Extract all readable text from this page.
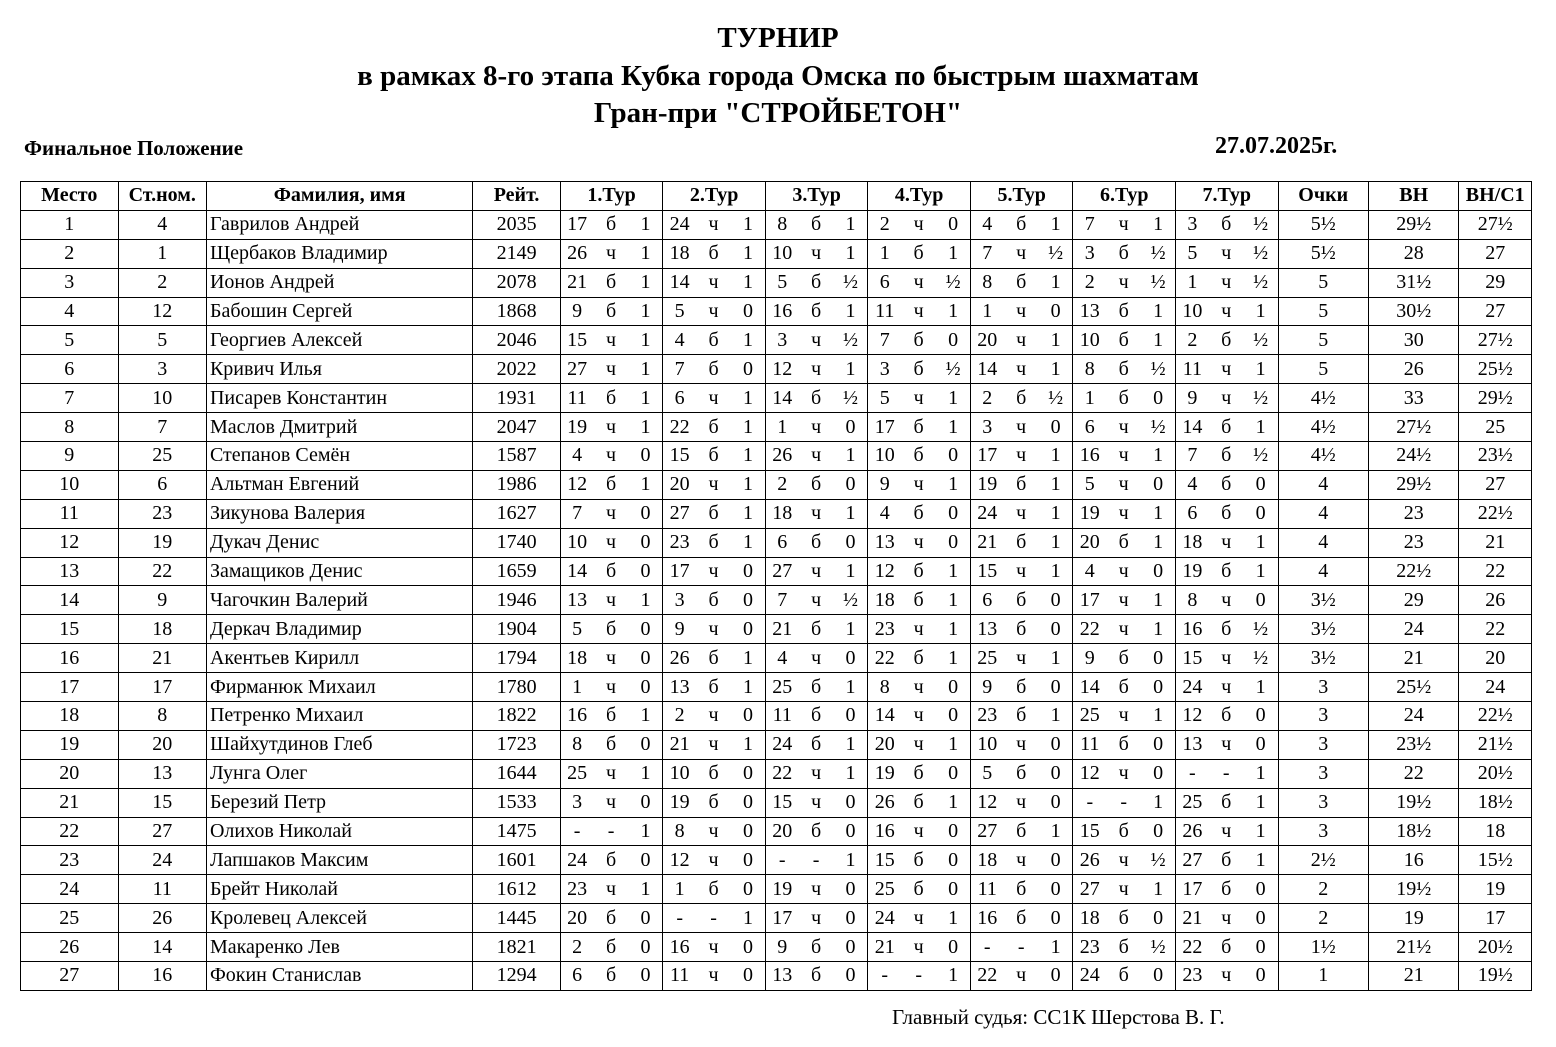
ТУРНИР
в рамках 8-го этапа Кубка города Омска по быстрым шахматам
Гран-при "СТРОЙБЕТОН"
Финальное Положение	27.07.2025г.
Место	Ст.ном.	Фамилия, имя	Рейт.	1.Тур			2.Тур			3.Тур			4.Тур			5.Тур			6.Тур			7.Тур			Очки	ВН	ВН/С1
1	4	Гаврилов Андрей	2035	17	б	1	24	ч	1	8	б	1	2	ч	0	4	б	1	7	ч	1	3	б	½	5½	29½	27½
2	1	Щербаков Владимир	2149	26	ч	1	18	б	1	10	ч	1	1	б	1	7	ч	½	3	б	½	5	ч	½	5½	28	27
3	2	Ионов Андрей	2078	21	б	1	14	ч	1	5	б	½	6	ч	½	8	б	1	2	ч	½	1	ч	½	5	31½	29
4	12	Бабошин Сергей	1868	9	б	1	5	ч	0	16	б	1	11	ч	1	1	ч	0	13	б	1	10	ч	1	5	30½	27
5	5	Георгиев Алексей	2046	15	ч	1	4	б	1	3	ч	½	7	б	0	20	ч	1	10	б	1	2	б	½	5	30	27½
6	3	Кривич Илья	2022	27	ч	1	7	б	0	12	ч	1	3	б	½	14	ч	1	8	б	½	11	ч	1	5	26	25½
7	10	Писарев Константин	1931	11	б	1	6	ч	1	14	б	½	5	ч	1	2	б	½	1	б	0	9	ч	½	4½	33	29½
8	7	Маслов Дмитрий	2047	19	ч	1	22	б	1	1	ч	0	17	б	1	3	ч	0	6	ч	½	14	б	1	4½	27½	25
9	25	Степанов Семён	1587	4	ч	0	15	б	1	26	ч	1	10	б	0	17	ч	1	16	ч	1	7	б	½	4½	24½	23½
10	6	Альтман Евгений	1986	12	б	1	20	ч	1	2	б	0	9	ч	1	19	б	1	5	ч	0	4	б	0	4	29½	27
11	23	Зикунова Валерия	1627	7	ч	0	27	б	1	18	ч	1	4	б	0	24	ч	1	19	ч	1	6	б	0	4	23	22½
12	19	Дукач Денис	1740	10	ч	0	23	б	1	6	б	0	13	ч	0	21	б	1	20	б	1	18	ч	1	4	23	21
13	22	Замащиков Денис	1659	14	б	0	17	ч	0	27	ч	1	12	б	1	15	ч	1	4	ч	0	19	б	1	4	22½	22
14	9	Чагочкин Валерий	1946	13	ч	1	3	б	0	7	ч	½	18	б	1	6	б	0	17	ч	1	8	ч	0	3½	29	26
15	18	Деркач Владимир	1904	5	б	0	9	ч	0	21	б	1	23	ч	1	13	б	0	22	ч	1	16	б	½	3½	24	22
16	21	Акентьев Кирилл	1794	18	ч	0	26	б	1	4	ч	0	22	б	1	25	ч	1	9	б	0	15	ч	½	3½	21	20
17	17	Фирманюк Михаил	1780	1	ч	0	13	б	1	25	б	1	8	ч	0	9	б	0	14	б	0	24	ч	1	3	25½	24
18	8	Петренко Михаил	1822	16	б	1	2	ч	0	11	б	0	14	ч	0	23	б	1	25	ч	1	12	б	0	3	24	22½
19	20	Шайхутдинов Глеб	1723	8	б	0	21	ч	1	24	б	1	20	ч	1	10	ч	0	11	б	0	13	ч	0	3	23½	21½
20	13	Лунга Олег	1644	25	ч	1	10	б	0	22	ч	1	19	б	0	5	б	0	12	ч	0	-	-	1	3	22	20½
21	15	Березий Петр	1533	3	ч	0	19	б	0	15	ч	0	26	б	1	12	ч	0	-	-	1	25	б	1	3	19½	18½
22	27	Олихов Николай	1475	-	-	1	8	ч	0	20	б	0	16	ч	0	27	б	1	15	б	0	26	ч	1	3	18½	18
23	24	Лапшаков Максим	1601	24	б	0	12	ч	0	-	-	1	15	б	0	18	ч	0	26	ч	½	27	б	1	2½	16	15½
24	11	Брейт Николай	1612	23	ч	1	1	б	0	19	ч	0	25	б	0	11	б	0	27	ч	1	17	б	0	2	19½	19
25	26	Кролевец Алексей	1445	20	б	0	-	-	1	17	ч	0	24	ч	1	16	б	0	18	б	0	21	ч	0	2	19	17
26	14	Макаренко Лев	1821	2	б	0	16	ч	0	9	б	0	21	ч	0	-	-	1	23	б	½	22	б	0	1½	21½	20½
27	16	Фокин Станислав	1294	6	б	0	11	ч	0	13	б	0	-	-	1	22	ч	0	24	б	0	23	ч	0	1	21	19½
Главный судья: СС1К Шерстова В. Г.
